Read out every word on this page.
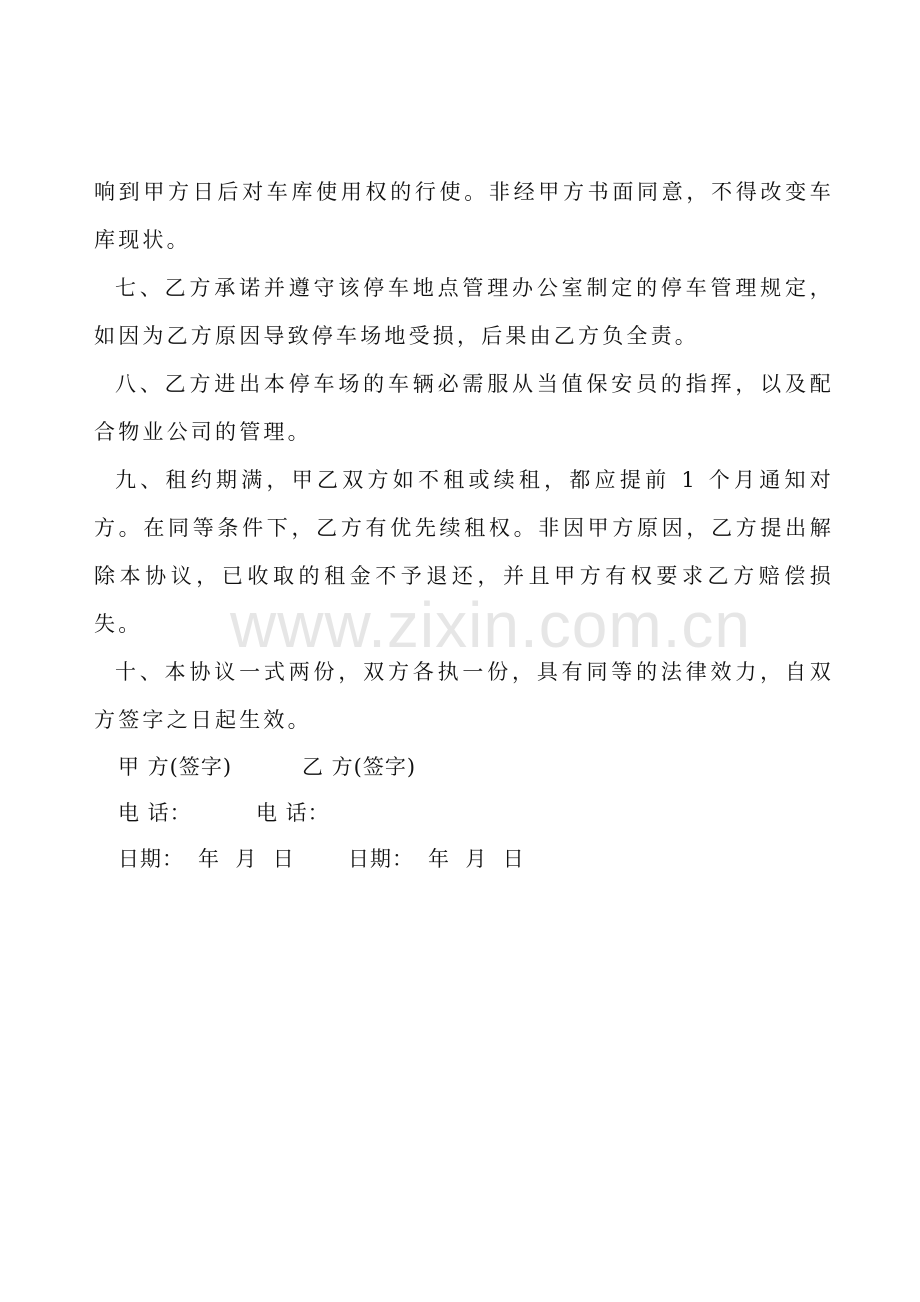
www.zixin.com.cn

响到甲方日后对车库使用权的行使。非经甲方书面同意，不得改变车库现状。

七、乙方承诺并遵守该停车地点管理办公室制定的停车管理规定，如因为乙方原因导致停车场地受损，后果由乙方负全责。

八、乙方进出本停车场的车辆必需服从当值保安员的指挥，以及配合物业公司的管理。

九、租约期满，甲乙双方如不租或续租，都应提前 1 个月通知对方。在同等条件下，乙方有优先续租权。非因甲方原因，乙方提出解除本协议，已收取的租金不予退还，并且甲方有权要求乙方赔偿损失。

十、本协议一式两份，双方各执一份，具有同等的法律效力，自双方签字之日起生效。

甲 方(签字)	乙 方(签字)
电 话：	电 话：
日期： 年  月  日	日期： 年  月  日
